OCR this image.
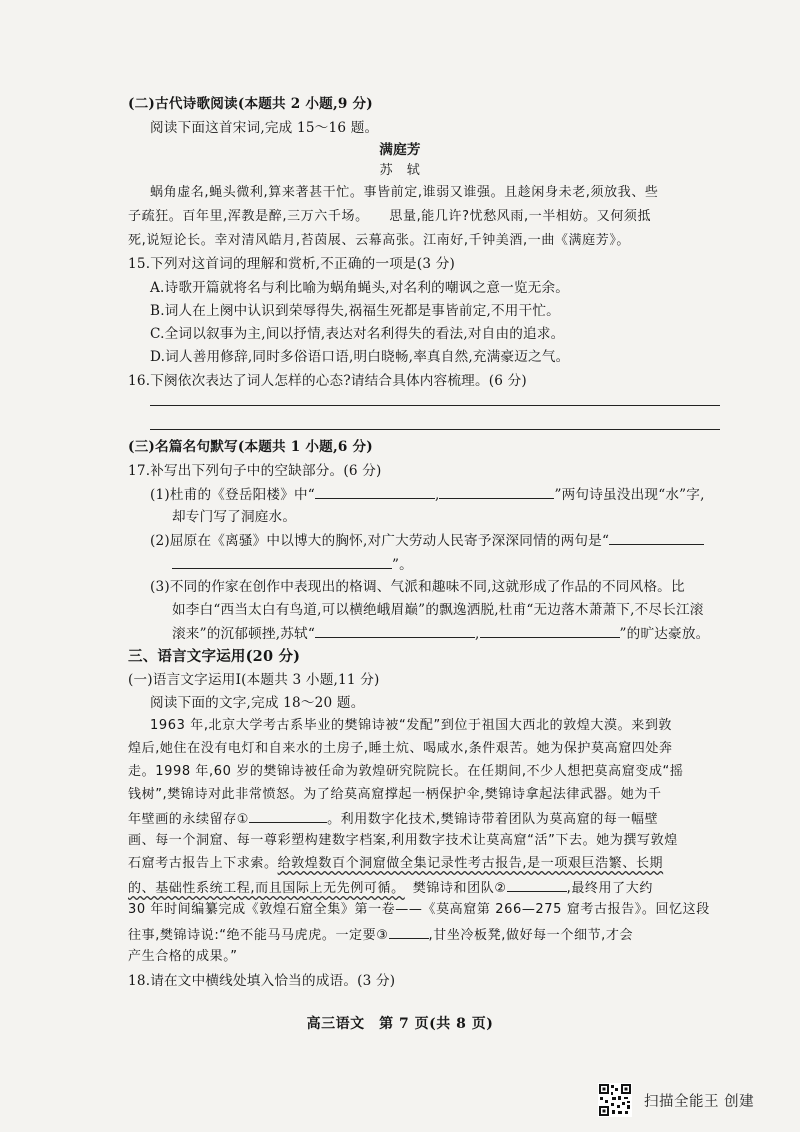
(二)古代诗歌阅读(本题共 2 小题,9 分)
阅读下面这首宋词,完成 15～16 题。
满庭芳
苏　轼
蜗角虚名,蝇头微利,算来著甚干忙。事皆前定,谁弱又谁强。且趁闲身未老,须放我、些
子疏狂。百年里,浑教是醉,三万六千场。　　思量,能几许?忧愁风雨,一半相妨。又何须抵
死,说短论长。幸对清风皓月,苔茵展、云幕高张。江南好,千钟美酒,一曲《满庭芳》。
15.下列对这首词的理解和赏析,不正确的一项是(3 分)
A.诗歌开篇就将名与利比喻为蜗角蝇头,对名利的嘲讽之意一览无余。
B.词人在上阕中认识到荣辱得失,祸福生死都是事皆前定,不用干忙。
C.全词以叙事为主,间以抒情,表达对名利得失的看法,对自由的追求。
D.词人善用修辞,同时多俗语口语,明白晓畅,率真自然,充满豪迈之气。
16.下阕依次表达了词人怎样的心态?请结合具体内容梳理。(6 分)
(三)名篇名句默写(本题共 1 小题,6 分)
17.补写出下列句子中的空缺部分。(6 分)
(1)杜甫的《登岳阳楼》中“	,	”两句诗虽没出现“水”字,
却专门写了洞庭水。
(2)屈原在《离骚》中以博大的胸怀,对广大劳动人民寄予深深同情的两句是“
”。
(3)不同的作家在创作中表现出的格调、气派和趣味不同,这就形成了作品的不同风格。比
如李白“西当太白有鸟道,可以横绝峨眉巅”的飘逸洒脱,杜甫“无边落木萧萧下,不尽长江滚
滚来”的沉郁顿挫,苏轼“	,	”的旷达豪放。
三、语言文字运用(20 分)
(一)语言文字运用Ⅰ(本题共 3 小题,11 分)
阅读下面的文字,完成 18～20 题。
1963 年,北京大学考古系毕业的樊锦诗被“发配”到位于祖国大西北的敦煌大漠。来到敦
煌后,她住在没有电灯和自来水的土房子,睡土炕、喝咸水,条件艰苦。她为保护莫高窟四处奔
走。1998 年,60 岁的樊锦诗被任命为敦煌研究院院长。在任期间,不少人想把莫高窟变成“摇
钱树”,樊锦诗对此非常愤怒。为了给莫高窟撑起一柄保护伞,樊锦诗拿起法律武器。她为千
年壁画的永续留存①	。利用数字化技术,樊锦诗带着团队为莫高窟的每一幅壁
画、每一个洞窟、每一尊彩塑构建数字档案,利用数字技术让莫高窟“活”下去。她为撰写敦煌
石窟考古报告上下求索。给敦煌数百个洞窟做全集记录性考古报告,是一项艰巨浩繁、长期
的、基础性系统工程,而且国际上无先例可循。 樊锦诗和团队②	,最终用了大约
30 年时间编纂完成《敦煌石窟全集》第一卷——《莫高窟第 266—275 窟考古报告》。回忆这段
往事,樊锦诗说:“绝不能马马虎虎。一定要③	,甘坐冷板凳,做好每一个细节,才会
产生合格的成果。”
18.请在文中横线处填入恰当的成语。(3 分)
高三语文　第 7 页(共 8 页)
扫描全能王 创建
